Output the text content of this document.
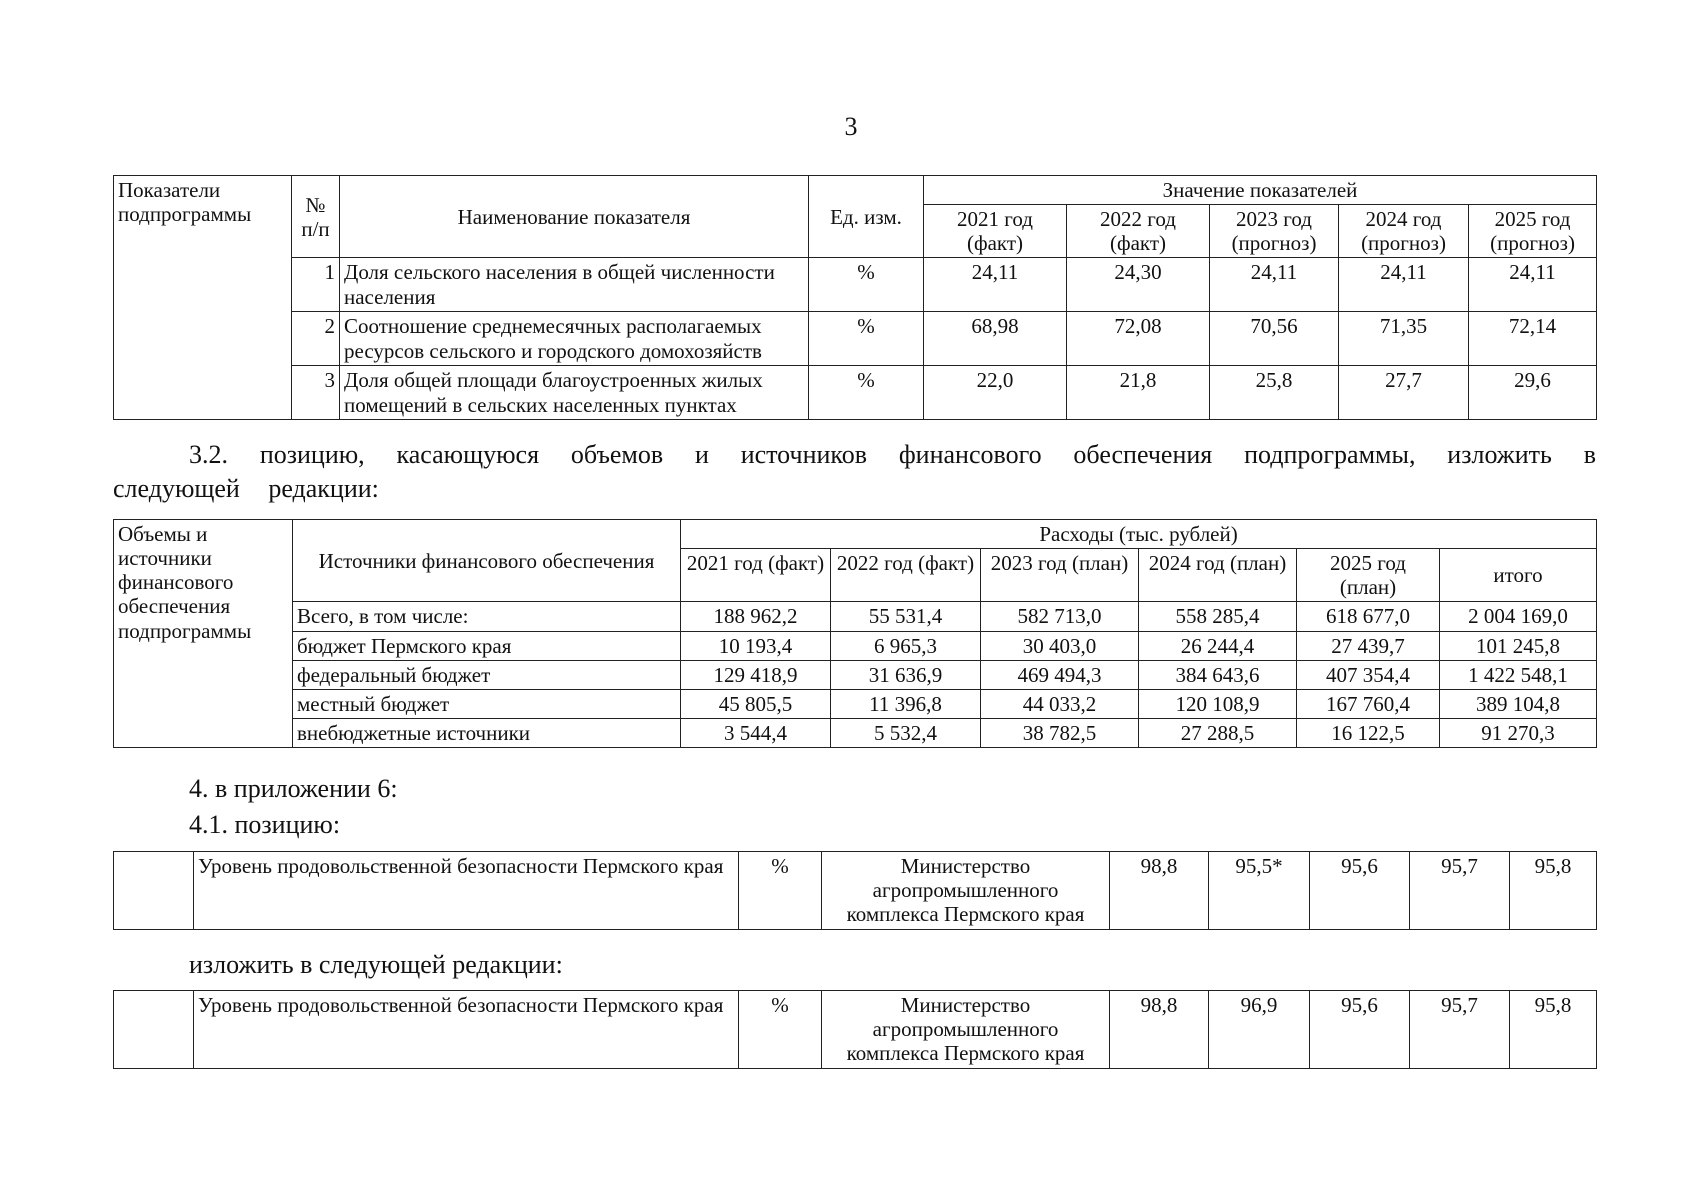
3
Показатели подпрограммы	№ п/п	Наименование показателя	Ед. изм.	Значение показателей				
				2021 год (факт)	2022 год (факт)	2023 год (прогноз)	2024 год (прогноз)	2025 год (прогноз)
	1	Доля сельского населения в общей численности населения	%	24,11	24,30	24,11	24,11	24,11
	2	Соотношение среднемесячных располагаемых ресурсов сельского и городского домохозяйств	%	68,98	72,08	70,56	71,35	72,14
	3	Доля общей площади благоустроенных жилых помещений в сельских населенных пунктах	%	22,0	21,8	25,8	27,7	29,6
3.2. позицию, касающуюся объемов и источников финансового обеспечения подпрограммы, изложить в следующей редакции:
Объемы и источники финансового обеспечения подпрограммы	Источники финансового обеспечения	Расходы (тыс. рублей)					
		2021 год (факт)	2022 год (факт)	2023 год (план)	2024 год (план)	2025 год (план)	итого
	Всего, в том числе:	188 962,2	55 531,4	582 713,0	558 285,4	618 677,0	2 004 169,0
	бюджет Пермского края	10 193,4	6 965,3	30 403,0	26 244,4	27 439,7	101 245,8
	федеральный бюджет	129 418,9	31 636,9	469 494,3	384 643,6	407 354,4	1 422 548,1
	местный бюджет	45 805,5	11 396,8	44 033,2	120 108,9	167 760,4	389 104,8
	внебюджетные источники	3 544,4	5 532,4	38 782,5	27 288,5	16 122,5	91 270,3
4. в приложении 6:
4.1. позицию:
	Уровень продовольственной безопасности Пермского края	%	Министерство агропромышленного комплекса Пермского края	98,8	95,5*	95,6	95,7	95,8
изложить в следующей редакции:
	Уровень продовольственной безопасности Пермского края	%	Министерство агропромышленного комплекса Пермского края	98,8	96,9	95,6	95,7	95,8
